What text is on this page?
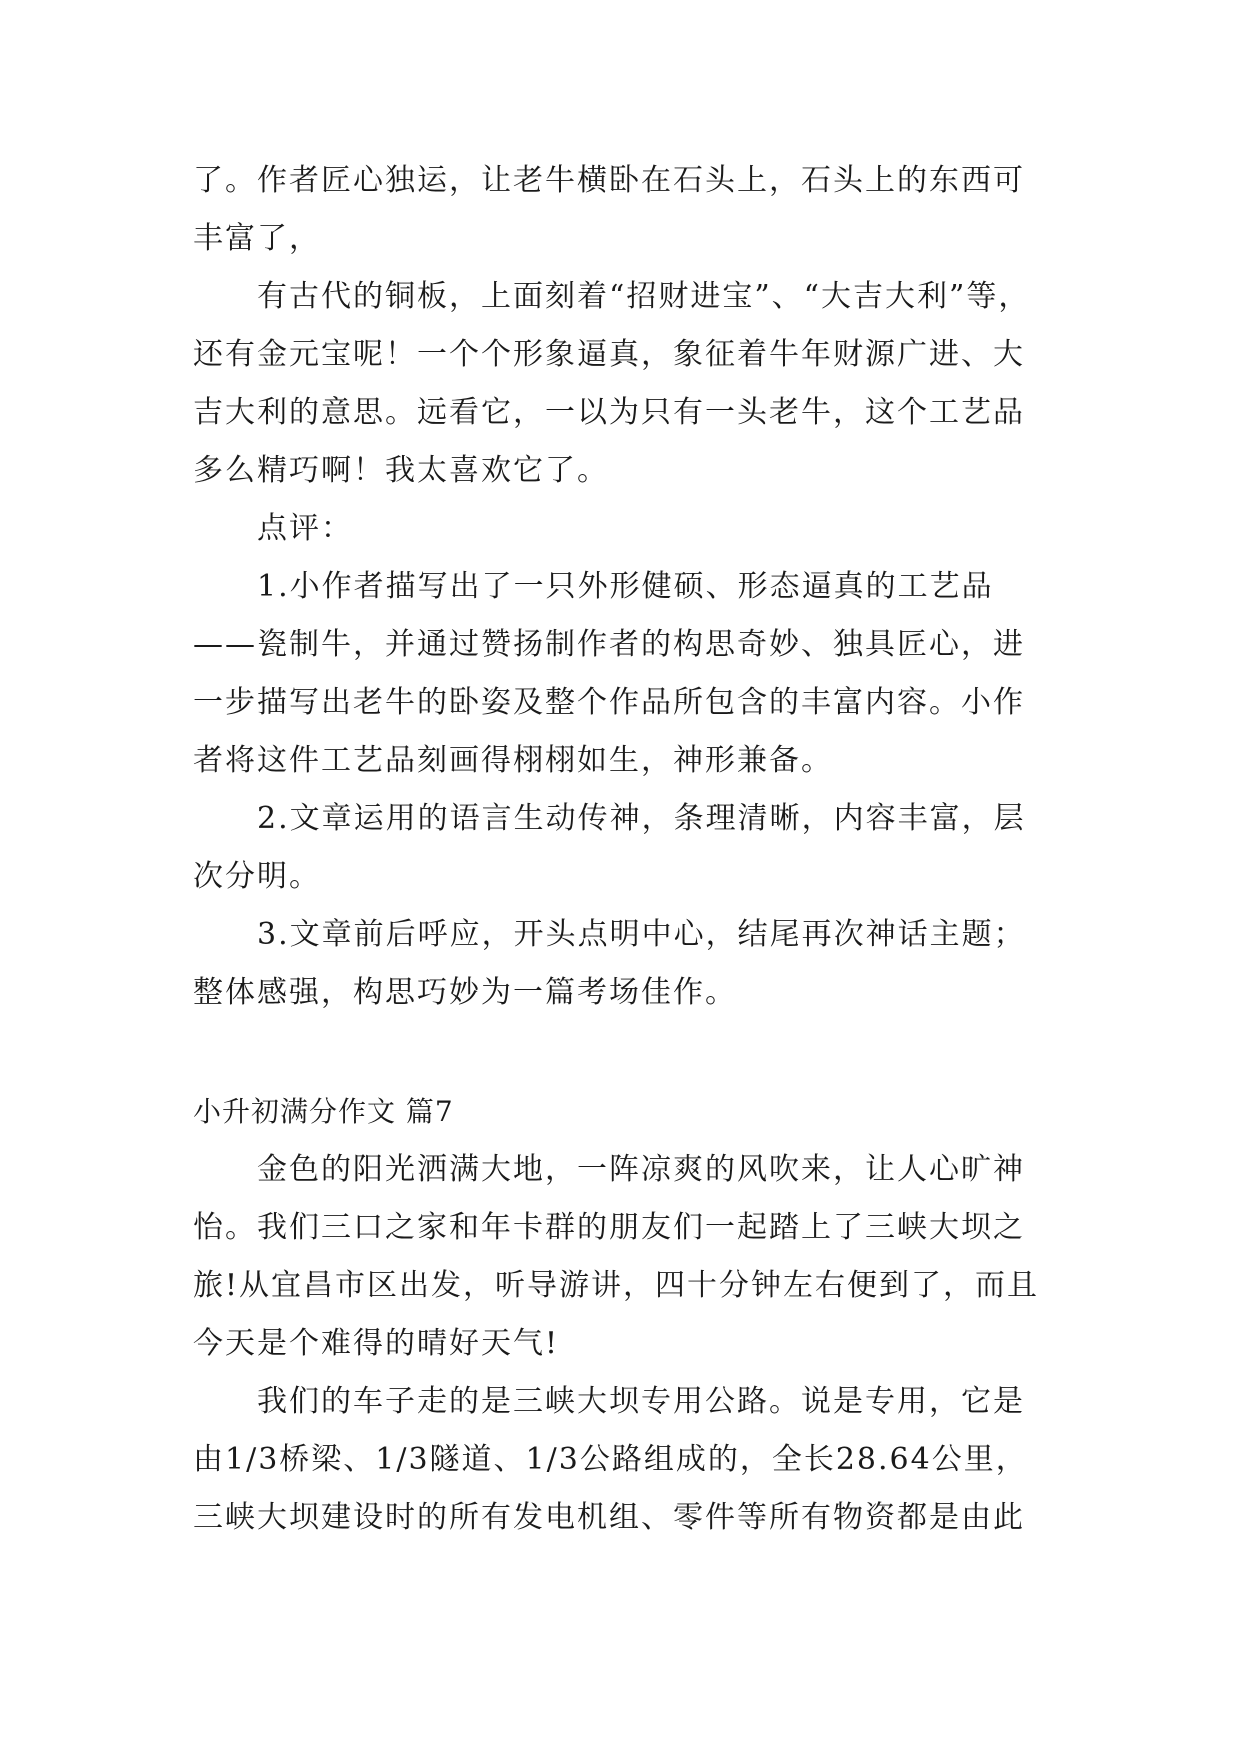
了。作者匠心独运，让老牛横卧在石头上，石头上的东西可丰富了，

有古代的铜板，上面刻着“招财进宝”、“大吉大利”等，还有金元宝呢！一个个形象逼真，象征着牛年财源广进、大吉大利的意思。远看它，一以为只有一头老牛，这个工艺品多么精巧啊！我太喜欢它了。

点评：

1.小作者描写出了一只外形健硕、形态逼真的工艺品——瓷制牛，并通过赞扬制作者的构思奇妙、独具匠心，进一步描写出老牛的卧姿及整个作品所包含的丰富内容。小作者将这件工艺品刻画得栩栩如生，神形兼备。

2.文章运用的语言生动传神，条理清晰，内容丰富，层次分明。

3.文章前后呼应，开头点明中心，结尾再次神话主题；整体感强，构思巧妙为一篇考场佳作。

小升初满分作文 篇7

金色的阳光洒满大地，一阵凉爽的风吹来，让人心旷神怡。我们三口之家和年卡群的朋友们一起踏上了三峡大坝之旅!从宜昌市区出发，听导游讲，四十分钟左右便到了，而且今天是个难得的晴好天气!

我们的车子走的是三峡大坝专用公路。说是专用，它是由1/3桥梁、1/3隧道、1/3公路组成的，全长28.64公里，三峡大坝建设时的所有发电机组、零件等所有物资都是由此
